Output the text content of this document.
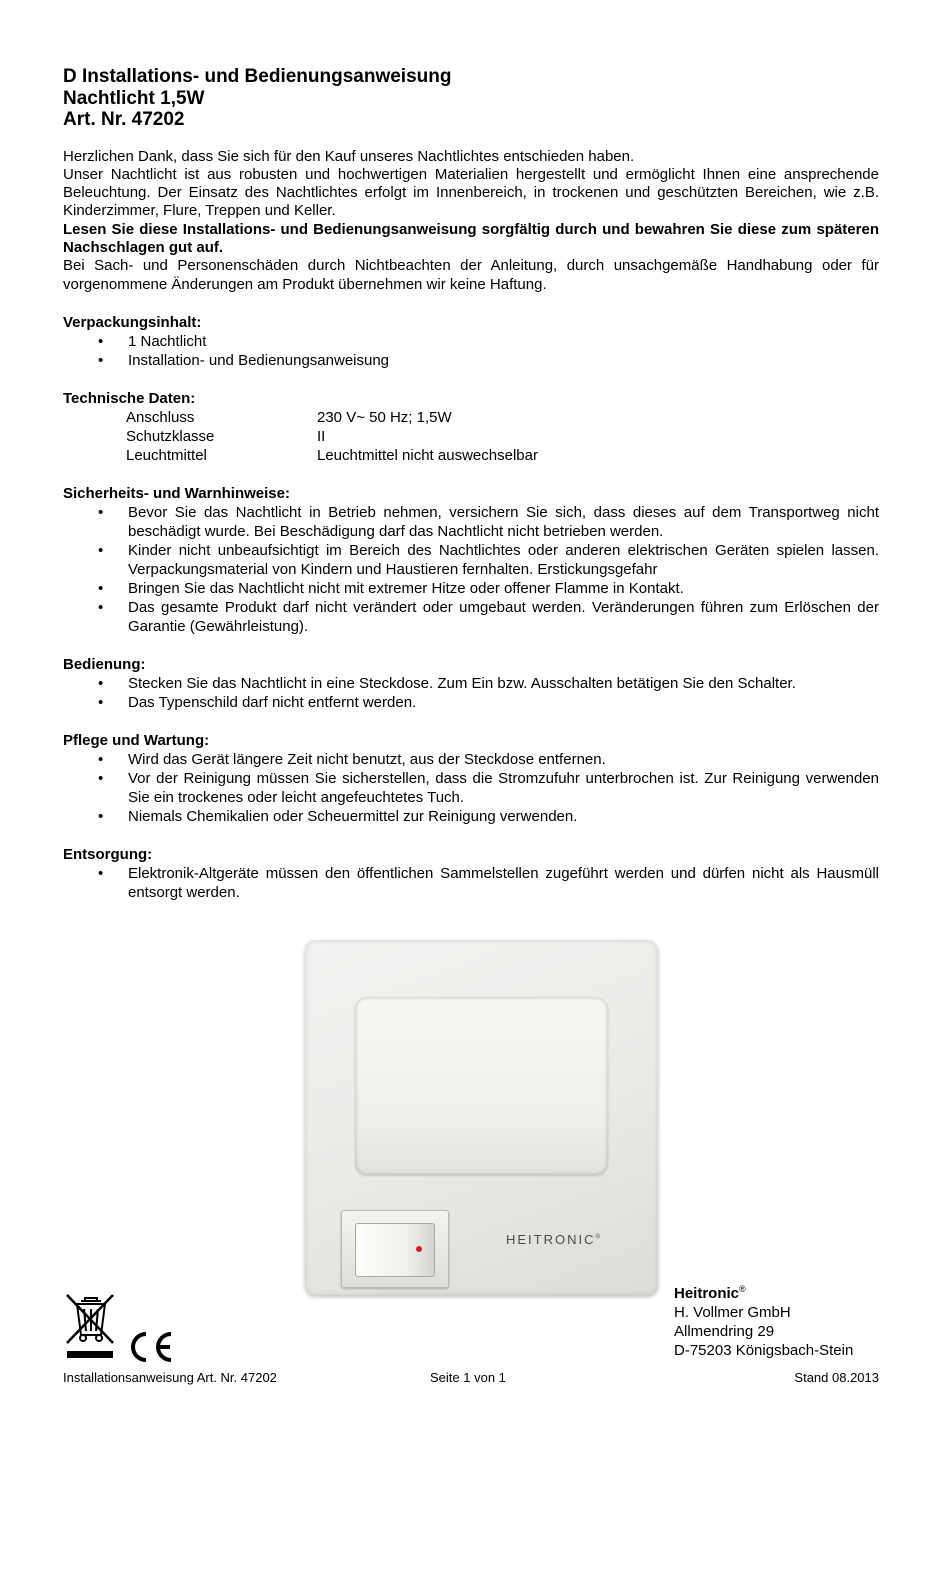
D Installations- und Bedienungsanweisung

Nachtlicht 1,5W

Art. Nr. 47202

Herzlichen Dank, dass Sie sich für den Kauf unseres Nachtlichtes entschieden haben.

Unser Nachtlicht ist aus robusten und hochwertigen Materialien hergestellt und ermöglicht Ihnen eine ansprechende Beleuchtung. Der Einsatz des Nachtlichtes erfolgt im Innenbereich, in trockenen und geschützten Bereichen, wie z.B. Kinderzimmer, Flure, Treppen und Keller.

Lesen Sie diese Installations- und Bedienungsanweisung sorgfältig durch und bewahren Sie diese zum späteren Nachschlagen gut auf.

Bei Sach- und Personenschäden durch Nichtbeachten der Anleitung, durch unsachgemäße Handhabung oder für vorgenommene Änderungen am Produkt übernehmen wir keine Haftung.

Verpackungsinhalt:

• 1 Nachtlicht
• Installation- und Bedienungsanweisung

Technische Daten:

Anschluss	230 V~ 50 Hz; 1,5W
Schutzklasse	II
Leuchtmittel	Leuchtmittel nicht auswechselbar

Sicherheits- und Warnhinweise:

• Bevor Sie das Nachtlicht in Betrieb nehmen, versichern Sie sich, dass dieses auf dem Transportweg nicht beschädigt wurde. Bei Beschädigung darf das Nachtlicht nicht betrieben werden.
• Kinder nicht unbeaufsichtigt im Bereich des Nachtlichtes oder anderen elektrischen Geräten spielen lassen. Verpackungsmaterial von Kindern und Haustieren fernhalten. Erstickungsgefahr
• Bringen Sie das Nachtlicht nicht mit extremer Hitze oder offener Flamme in Kontakt.
• Das gesamte Produkt darf nicht verändert oder umgebaut werden. Veränderungen führen zum Erlöschen der Garantie (Gewährleistung).

Bedienung:

• Stecken Sie das Nachtlicht in eine Steckdose. Zum Ein bzw. Ausschalten betätigen Sie den Schalter.
• Das Typenschild darf nicht entfernt werden.

Pflege und Wartung:

• Wird das Gerät längere Zeit nicht benutzt, aus der Steckdose entfernen.
• Vor der Reinigung müssen Sie sicherstellen, dass die Stromzufuhr unterbrochen ist. Zur Reinigung verwenden Sie ein trockenes oder leicht angefeuchtetes Tuch.
• Niemals Chemikalien oder Scheuermittel zur Reinigung verwenden.

Entsorgung:

• Elektronik-Altgeräte müssen den öffentlichen Sammelstellen zugeführt werden und dürfen nicht als Hausmüll entsorgt werden.
HEITRONIC®
Heitronic®
H. Vollmer GmbH
Allmendring 29
D-75203 Königsbach-Stein
Installationsanweisung Art. Nr. 47202	Seite 1 von 1	Stand 08.2013
